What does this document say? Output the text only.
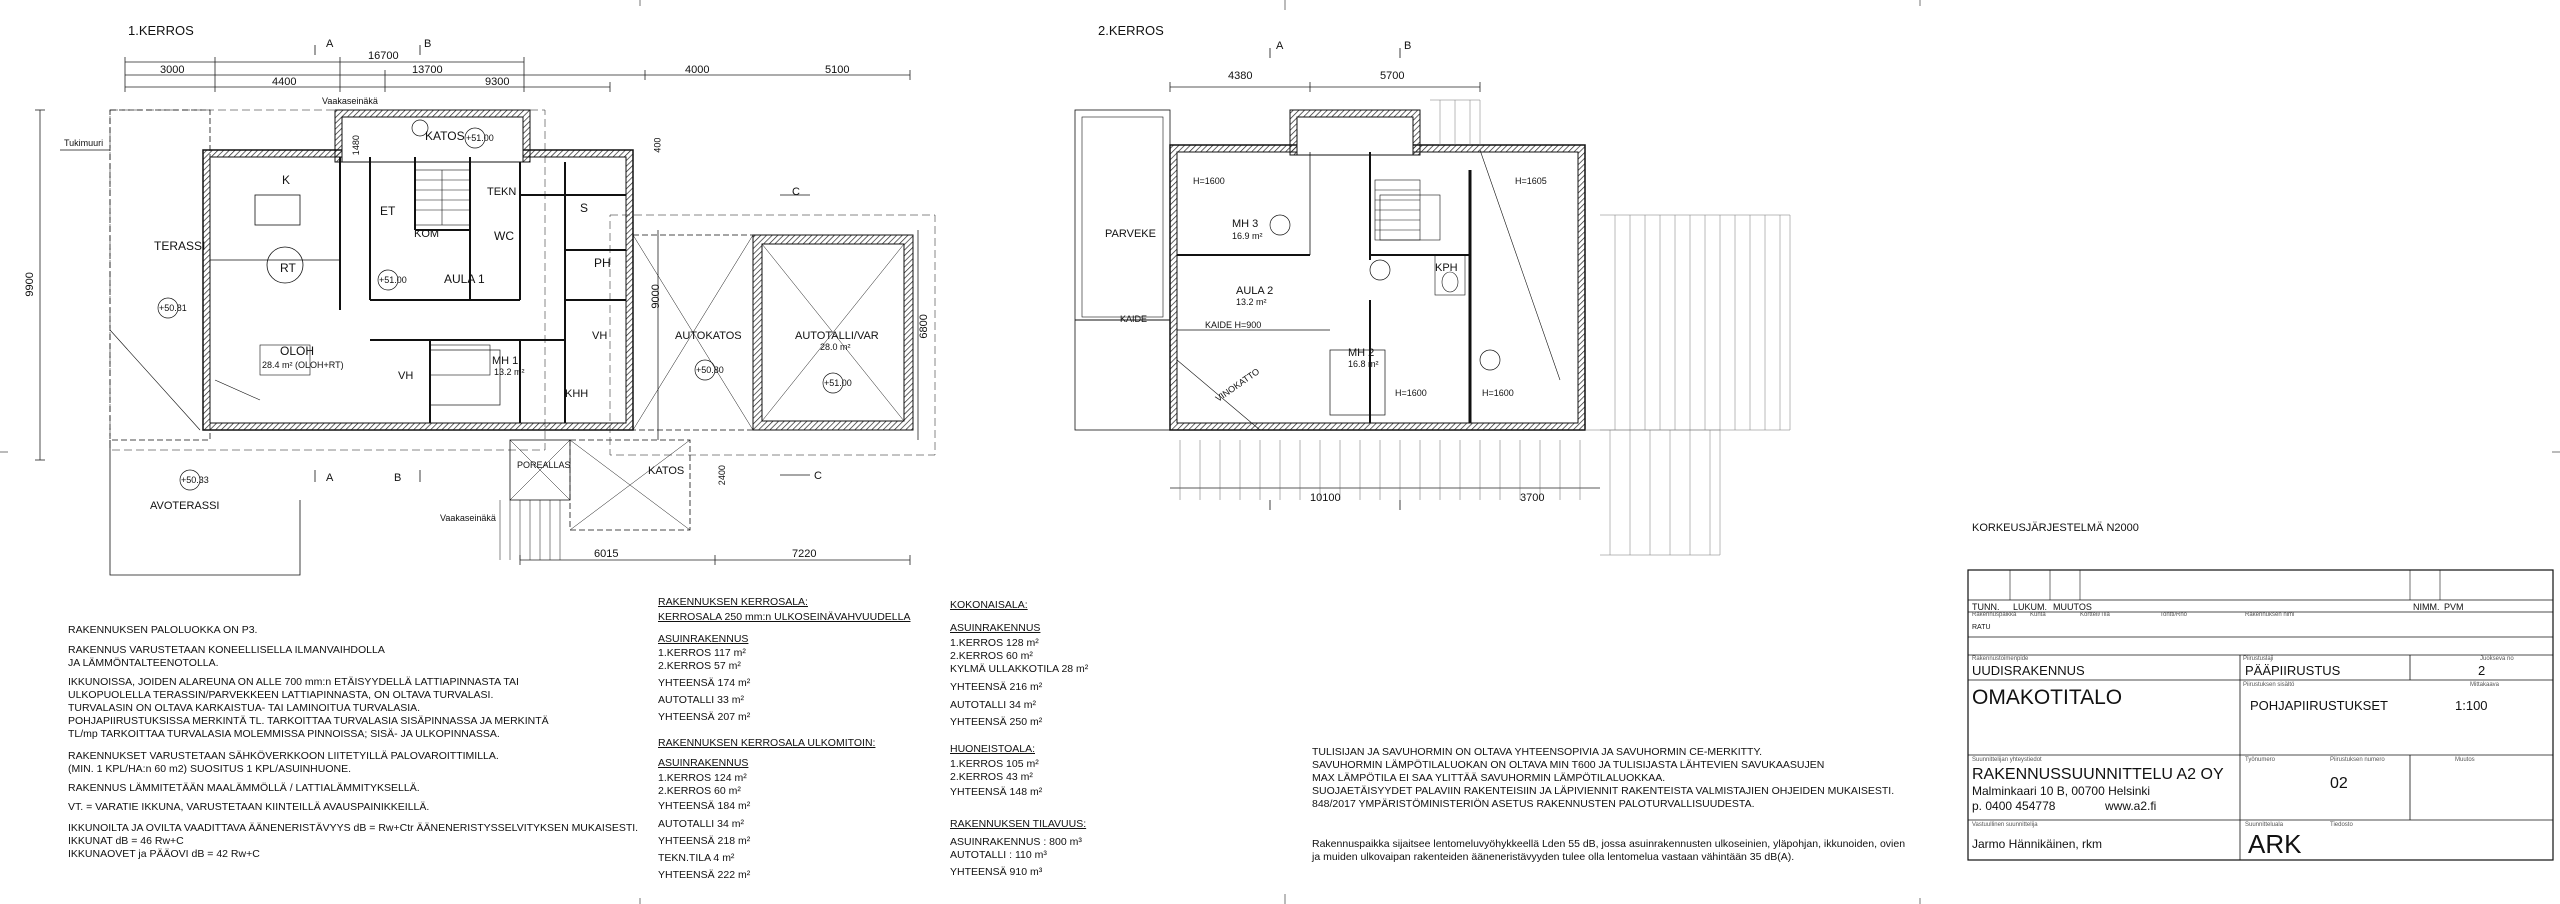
1.KERROS
16700
3000
4400
13700
9300
4000	5100
9900	9000
6800
1480
2400
400
6015	7220
K
KATOS
ET
TEKN
S
KOM	WC
PH
AULA 1
TERASSI
RT
OLOH
28.4 m² (OLOH+RT)
VH
VH
MH 1
13.2 m²
KHH
AUTOKATOS	AUTOTALLI/VAR
28.0 m²
POREALLAS	KATOS
AVOTERASSI
Tukimuuri
Vaakaseinäkä
Vaakaseinäkä
+50.81
+51.00
+50.80
+51.00
+50.33
+51.00
A	B
A	B
C
C
2.KERROS
4380	5700
10100	3700
PARVEKE
MH 3
16.9 m²
AULA 2
13.2 m²
KPH
MH 2
16.8 m²
KAIDE
KAIDE H=900
VINOKATTO
H=1600
H=1600	H=1600
H=1605
A	B
KORKEUSJÄRJESTELMÄ N2000
RAKENNUKSEN PALOLUOKKA ON P3.
RAKENNUS VARUSTETAAN KONEELLISELLA ILMANVAIHDOLLA
JA LÄMMÖNTALTEENOTOLLA.
IKKUNOISSA, JOIDEN ALAREUNA ON ALLE 700 mm:n ETÄISYYDELLÄ LATTIAPINNASTA TAI
ULKOPUOLELLA TERASSIN/PARVEKKEEN LATTIAPINNASTA, ON OLTAVA TURVALASI.
TURVALASIN ON OLTAVA KARKAISTUA- TAI LAMINOITUA TURVALASIA.
POHJAPIIRUSTUKSISSA MERKINTÄ TL. TARKOITTAA TURVALASIA SISÄPINNASSA JA MERKINTÄ
TL/mp TARKOITTAA TURVALASIA MOLEMMISSA PINNOISSA; SISÄ- JA ULKOPINNASSA.
RAKENNUKSET VARUSTETAAN SÄHKÖVERKKOON LIITETYILLÄ PALOVAROITTIMILLA.
(MIN. 1 KPL/HA:n 60 m2) SUOSITUS 1 KPL/ASUINHUONE.
RAKENNUS LÄMMITETÄÄN MAALÄMMÖLLÄ / LATTIALÄMMITYKSELLÄ.
VT. = VARATIE IKKUNA, VARUSTETAAN KIINTEILLÄ AVAUSPAINIKKEILLÄ.
IKKUNOILTA JA OVILTA VAADITTAVA ÄÄNENERISTÄVYYS dB = Rw+Ctr ÄÄNENERISTYSSELVITYKSEN MUKAISESTI.
IKKUNAT dB = 46 Rw+C
IKKUNAOVET ja PÄÄOVI dB = 42 Rw+C
RAKENNUKSEN KERROSALA:
KERROSALA 250 mm:n ULKOSEINÄVAHVUUDELLA
ASUINRAKENNUS
1.KERROS 117 m²
2.KERROS 57 m²
YHTEENSÄ 174 m²
AUTOTALLI 33 m²
YHTEENSÄ 207 m²
RAKENNUKSEN KERROSALA ULKOMITOIN:
ASUINRAKENNUS
1.KERROS 124 m²
2.KERROS 60 m²
YHTEENSÄ 184 m²
AUTOTALLI 34 m²
YHTEENSÄ 218 m²
TEKN.TILA 4 m²
YHTEENSÄ 222 m²
KOKONAISALA:
ASUINRAKENNUS
1.KERROS 128 m²
2.KERROS 60 m²
KYLMÄ ULLAKKOTILA 28 m²
YHTEENSÄ 216 m²
AUTOTALLI 34 m²
YHTEENSÄ 250 m²
HUONEISTOALA:
1.KERROS 105 m²
2.KERROS 43 m²
YHTEENSÄ 148 m²
RAKENNUKSEN TILAVUUS:
ASUINRAKENNUS : 800 m³
AUTOTALLI : 110 m³
YHTEENSÄ 910 m³
TULISIJAN JA SAVUHORMIN ON OLTAVA YHTEENSOPIVIA JA SAVUHORMIN CE-MERKITTY.
SAVUHORMIN LÄMPÖTILALUOKAN ON OLTAVA MIN T600 JA TULISIJASTA LÄHTEVIEN SAVUKAASUJEN
MAX LÄMPÖTILA EI SAA YLITTÄÄ SAVUHORMIN LÄMPÖTILALUOKKAA.
SUOJAETÄISYYDET PALAVIIN RAKENTEISIIN JA LÄPIVIENNIT RAKENTEISTA VALMISTAJIEN OHJEIDEN MUKAISESTI.
848/2017 YMPÄRISTÖMINISTERIÖN ASETUS RAKENNUSTEN PALOTURVALLISUUDESTA.
Rakennuspaikka sijaitsee lentomeluvyöhykkeellä Lden 55 dB, jossa asuinrakennusten ulkoseinien, yläpohjan, ikkunoiden, ovien
ja muiden ulkovaipan rakenteiden ääneneristävyyden tulee olla lentomelua vastaan vähintään 35 dB(A).
TUNN. LUKUM. MUUTOS	NIMM. PVM
Rakennuspaikka Kunta	Kortteli/Tila	Tontti/Rno	Rakennuksen nimi
RATU
Rakennustoimenpide	Piirustuslaji	Juokseva no
UUDISRAKENNUS	PÄÄPIIRUSTUS	2
Piirustuksen sisältö	Mittakaava
OMAKOTITALO	POHJAPIIRUSTUKSET	1:100
Suunnittelijan yhteystiedot	Työnumero	Piirustuksen numero	Muutos
RAKENNUSSUUNNITTELU A2 OY
Malminkaari 10 B, 00700 Helsinki
p. 0400 454778	www.a2.fi
02
Vastuullinen suunnittelija	Suunnitteluala	Tiedosto
Jarmo Hännikäinen, rkm	ARK
